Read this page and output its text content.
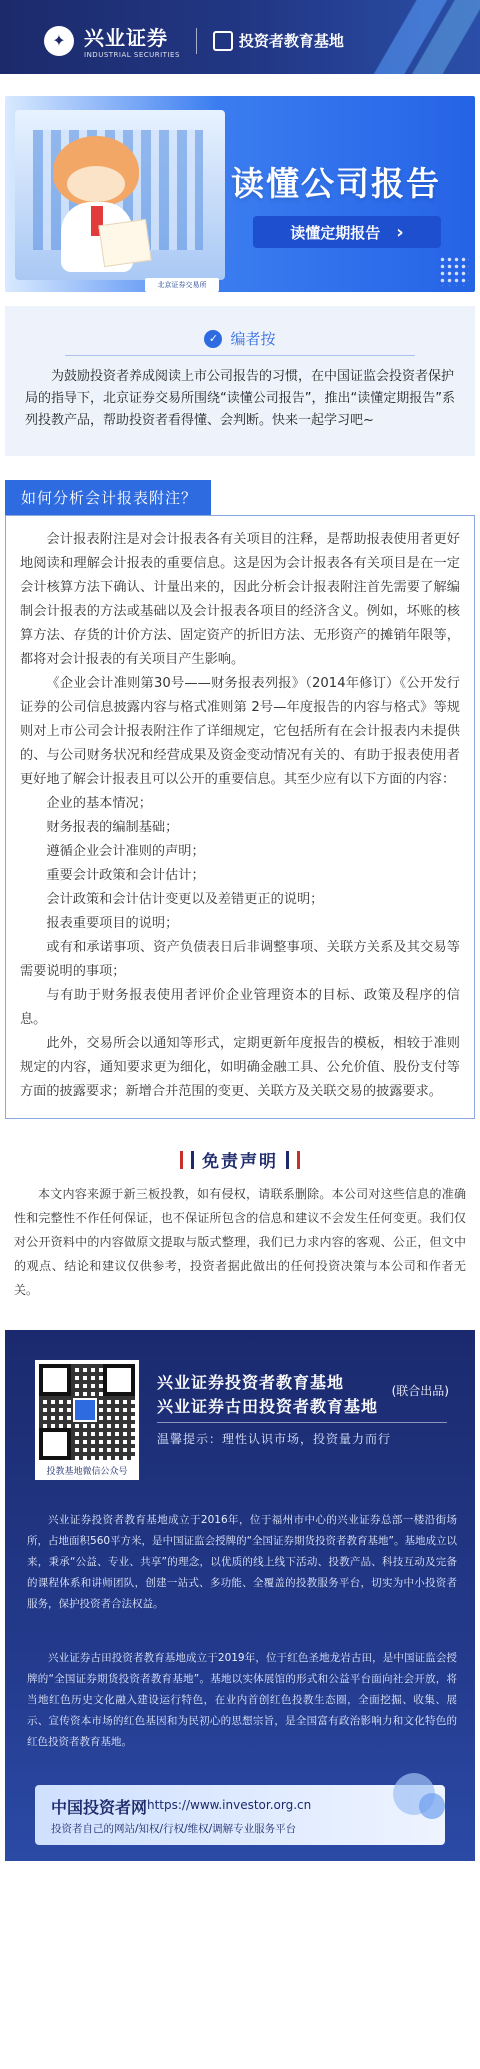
✦ 兴业证券
INDUSTRIAL SECURITIES
投资者教育基地
北京证券交易所
读懂公司报告
读懂定期报告 ›
✓ 编者按

为鼓励投资者养成阅读上市公司报告的习惯，在中国证监会投资者保护局的指导下，北京证券交易所围绕“读懂公司报告”，推出“读懂定期报告”系列投教产品，帮助投资者看得懂、会判断。快来一起学习吧~

如何分析会计报表附注？

会计报表附注是对会计报表各有关项目的注释，是帮助报表使用者更好地阅读和理解会计报表的重要信息。这是因为会计报表各有关项目是在一定会计核算方法下确认、计量出来的，因此分析会计报表附注首先需要了解编制会计报表的方法或基础以及会计报表各项目的经济含义。例如，坏账的核算方法、存货的计价方法、固定资产的折旧方法、无形资产的摊销年限等，都将对会计报表的有关项目产生影响。

《企业会计准则第30号——财务报表列报》（2014年修订）《公开发行证券的公司信息披露内容与格式准则第 2号—年度报告的内容与格式》等规则对上市公司会计报表附注作了详细规定，它包括所有在会计报表内未提供的、与公司财务状况和经营成果及资金变动情况有关的、有助于报表使用者更好地了解会计报表且可以公开的重要信息。其至少应有以下方面的内容：

企业的基本情况；

财务报表的编制基础；

遵循企业会计准则的声明；

重要会计政策和会计估计；

会计政策和会计估计变更以及差错更正的说明；

报表重要项目的说明；

或有和承诺事项、资产负债表日后非调整事项、关联方关系及其交易等需要说明的事项；

与有助于财务报表使用者评价企业管理资本的目标、政策及程序的信息。

此外，交易所会以通知等形式，定期更新年度报告的模板，相较于准则规定的内容，通知要求更为细化，如明确金融工具、公允价值、股份支付等方面的披露要求；新增合并范围的变更、关联方及关联交易的披露要求。

免责声明
本文内容来源于新三板投教，如有侵权，请联系删除。本公司对这些信息的准确性和完整性不作任何保证，也不保证所包含的信息和建议不会发生任何变更。我们仅对公开资料中的内容做原文提取与版式整理，我们已力求内容的客观、公正，但文中的观点、结论和建议仅供参考，投资者据此做出的任何投资决策与本公司和作者无关。
投教基地微信公众号
兴业证券投资者教育基地
兴业证券古田投资者教育基地
(联合出品)
温馨提示：理性认识市场，投资量力而行
兴业证券投资者教育基地成立于2016年，位于福州市中心的兴业证券总部一楼沿街场所，占地面积560平方米，是中国证监会授牌的“全国证券期货投资者教育基地”。基地成立以来，秉承“公益、专业、共享”的理念，以优质的线上线下活动、投教产品、科技互动及完备的课程体系和讲师团队，创建一站式、多功能、全覆盖的投教服务平台，切实为中小投资者服务，保护投资者合法权益。
兴业证券古田投资者教育基地成立于2019年，位于红色圣地龙岩古田，是中国证监会授牌的“全国证券期货投资者教育基地”。基地以实体展馆的形式和公益平台面向社会开放，将当地红色历史文化融入建设运行特色，在业内首创红色投教生态圈，全面挖掘、收集、展示、宣传资本市场的红色基因和为民初心的思想宗旨，是全国富有政治影响力和文化特色的红色投资者教育基地。
中国投资者网 https://www.investor.org.cn
投资者自己的网站/知权/行权/维权/调解专业服务平台
